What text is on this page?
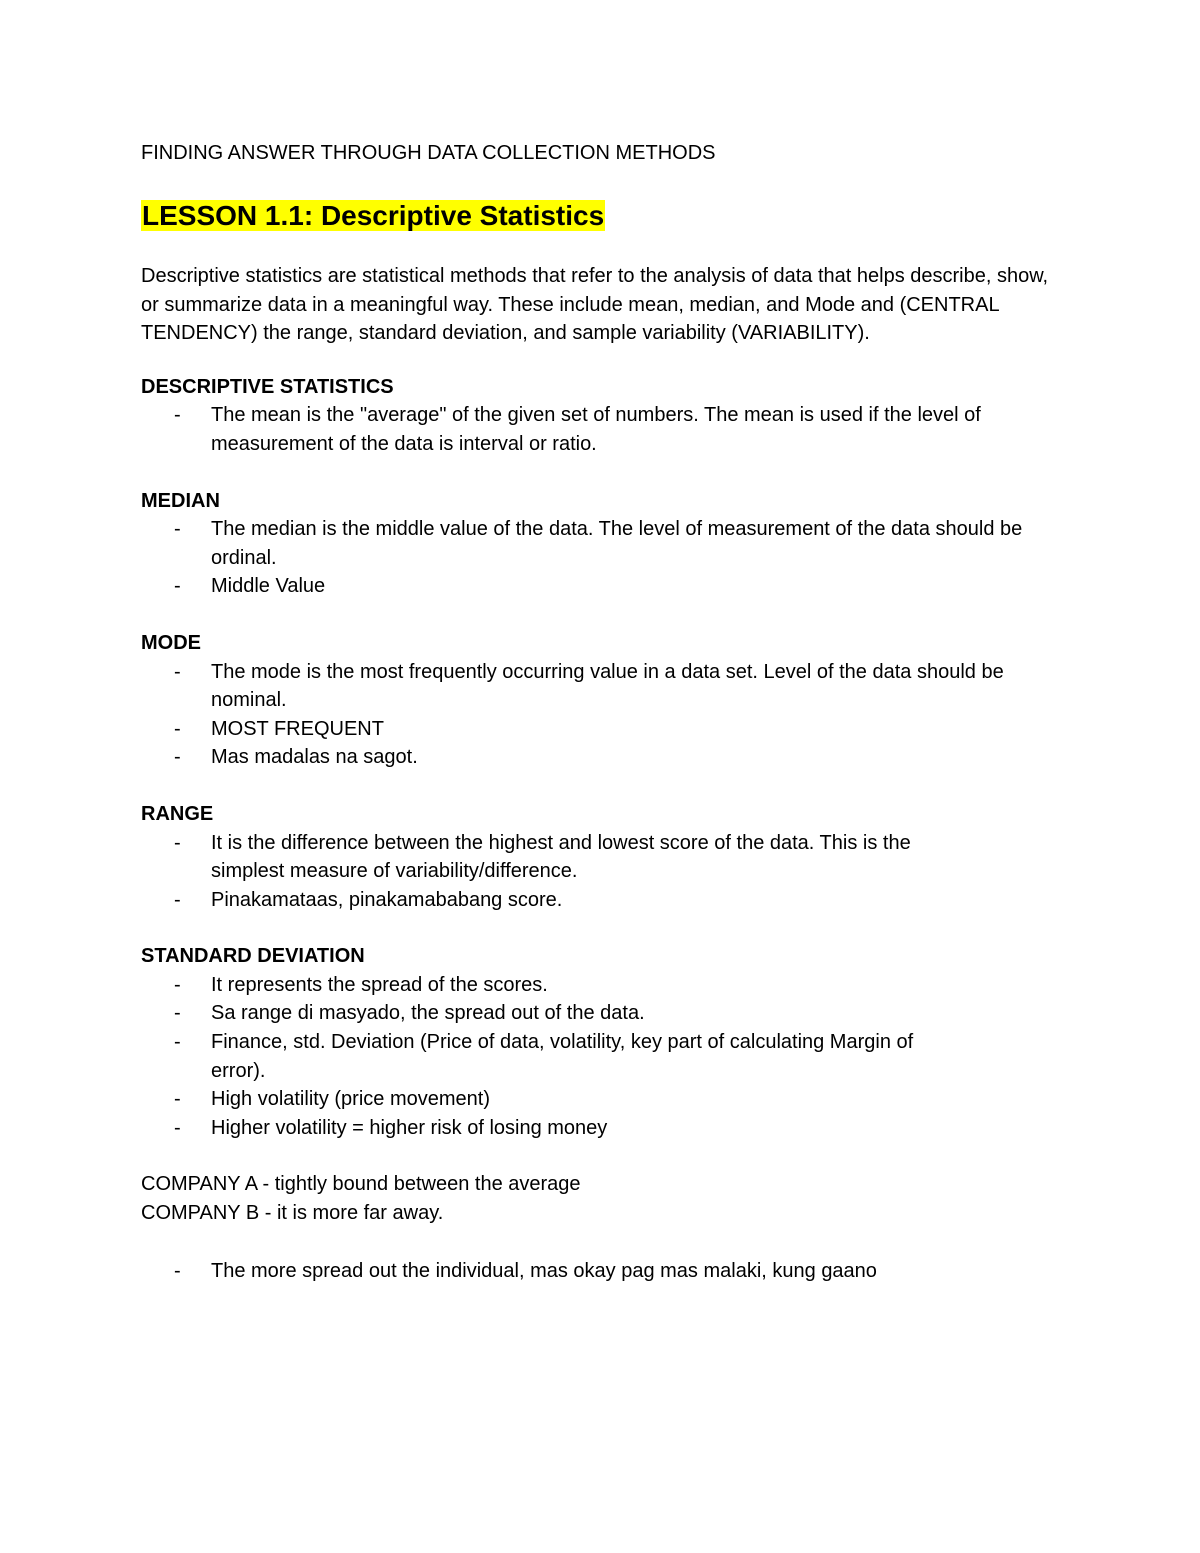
FINDING ANSWER THROUGH DATA COLLECTION METHODS

LESSON 1.1: Descriptive Statistics

Descriptive statistics are statistical methods that refer to the analysis of data that helps describe, show, or summarize data in a meaningful way. These include mean, median, and Mode and (CENTRAL TENDENCY) the range, standard deviation, and sample variability (VARIABILITY).

DESCRIPTIVE STATISTICS

- The mean is the "average" of the given set of numbers. The mean is used if the level of measurement of the data is interval or ratio.

MEDIAN

- The median is the middle value of the data. The level of measurement of the data should be ordinal.
- Middle Value

MODE

- The mode is the most frequently occurring value in a data set. Level of the data should be nominal.
- MOST FREQUENT
- Mas madalas na sagot.

RANGE

- It is the difference between the highest and lowest score of the data. This is the simplest measure of variability/difference.
- Pinakamataas, pinakamababang score.

STANDARD DEVIATION

- It represents the spread of the scores.
- Sa range di masyado, the spread out of the data.
- Finance, std. Deviation (Price of data, volatility, key part of calculating Margin of error).
- High volatility (price movement)
- Higher volatility = higher risk of losing money

COMPANY A - tightly bound between the average

COMPANY B - it is more far away.

- The more spread out the individual, mas okay pag mas malaki, kung gaano
